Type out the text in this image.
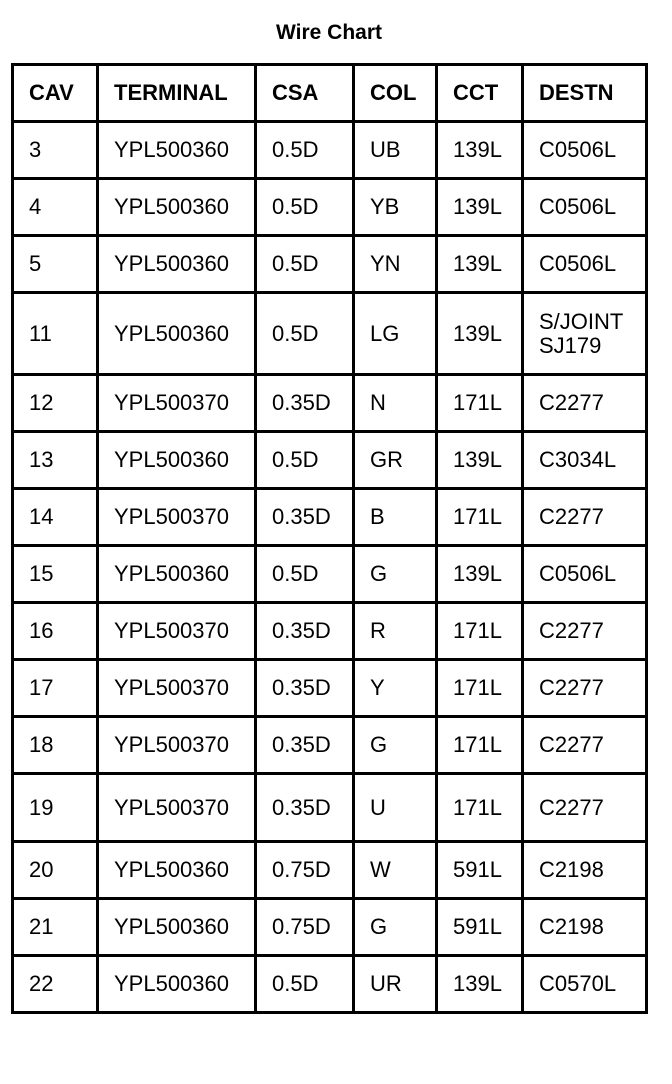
Wire Chart
CAV	TERMINAL	CSA	COL	CCT	DESTN
3	YPL500360	0.5D	UB	139L	C0506L
4	YPL500360	0.5D	YB	139L	C0506L
5	YPL500360	0.5D	YN	139L	C0506L
11	YPL500360	0.5D	LG	139L	S/JOINT
SJ179
12	YPL500370	0.35D	N	171L	C2277
13	YPL500360	0.5D	GR	139L	C3034L
14	YPL500370	0.35D	B	171L	C2277
15	YPL500360	0.5D	G	139L	C0506L
16	YPL500370	0.35D	R	171L	C2277
17	YPL500370	0.35D	Y	171L	C2277
18	YPL500370	0.35D	G	171L	C2277
19	YPL500370	0.35D	U	171L	C2277
20	YPL500360	0.75D	W	591L	C2198
21	YPL500360	0.75D	G	591L	C2198
22	YPL500360	0.5D	UR	139L	C0570L
